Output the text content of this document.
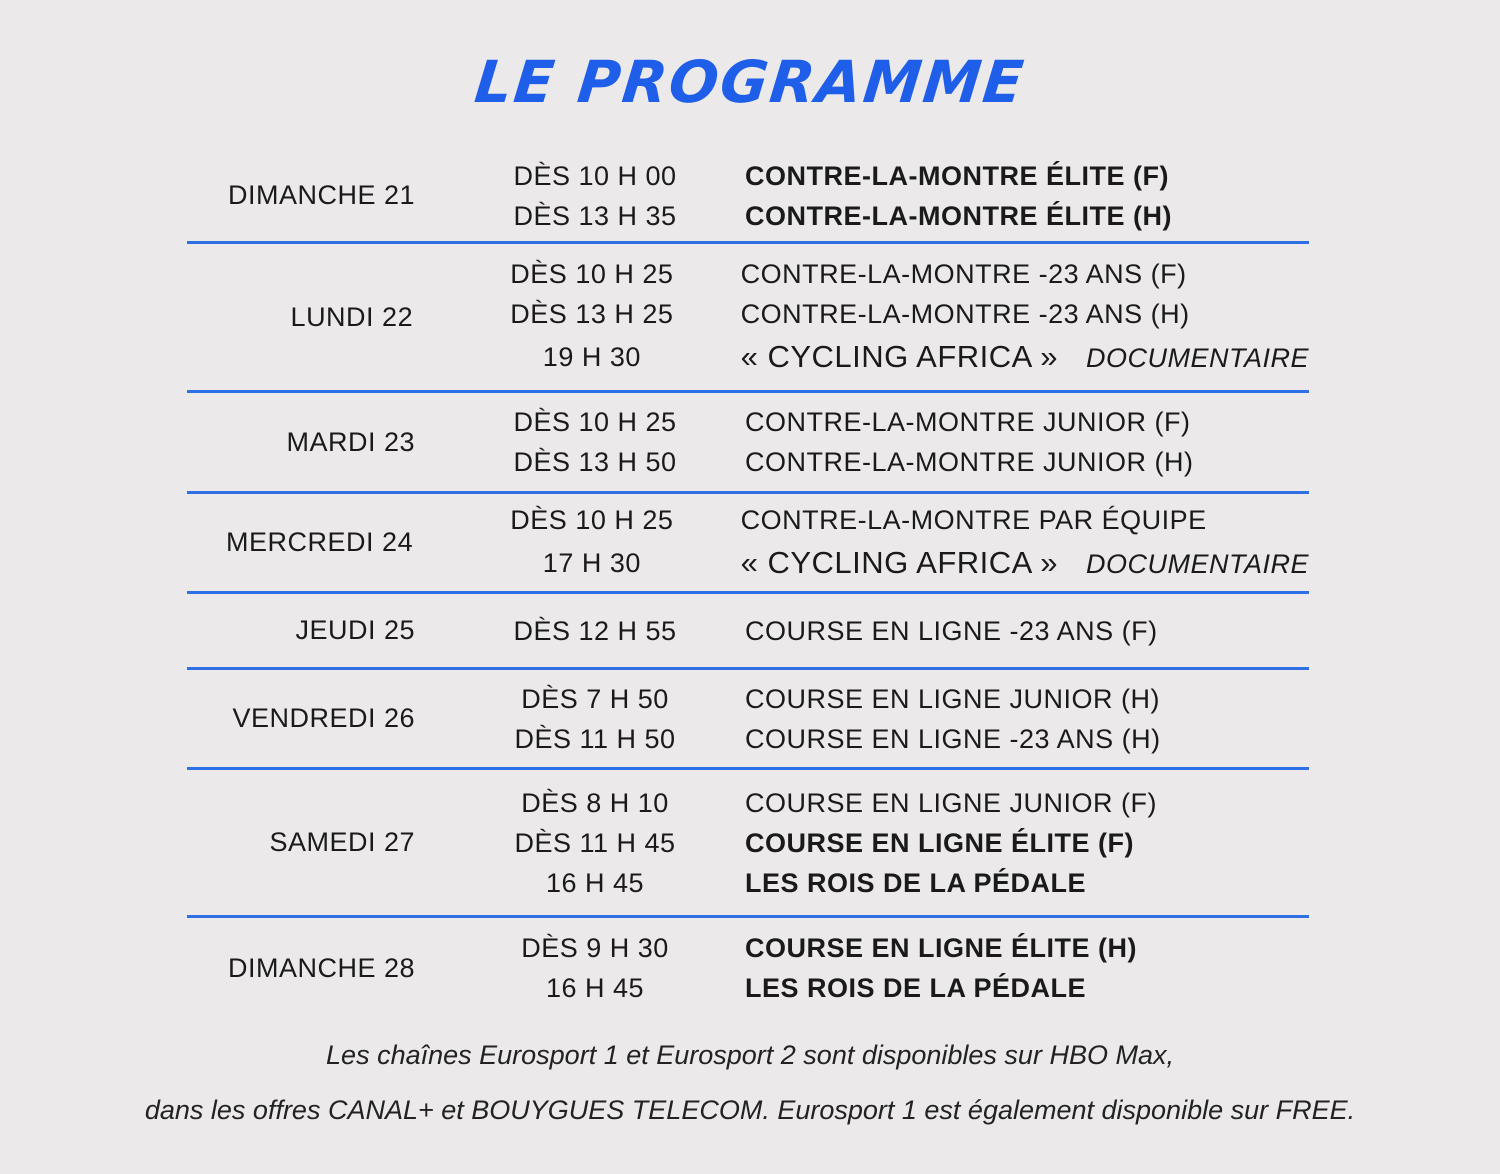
LE PROGRAMME
DIMANCHE 21
DÈS 10 H 00
DÈS 13 H 35
CONTRE-LA-MONTRE ÉLITE (F)
CONTRE-LA-MONTRE ÉLITE (H)
LUNDI 22
DÈS 10 H 25
DÈS 13 H 25
19 H 30
CONTRE-LA-MONTRE -23 ANS (F)
CONTRE-LA-MONTRE -23 ANS (H)
« CYCLING AFRICA » DOCUMENTAIRE
MARDI 23
DÈS 10 H 25
DÈS 13 H 50
CONTRE-LA-MONTRE JUNIOR (F)
CONTRE-LA-MONTRE JUNIOR (H)
MERCREDI 24
DÈS 10 H 25
17 H 30
CONTRE-LA-MONTRE PAR ÉQUIPE
« CYCLING AFRICA » DOCUMENTAIRE
JEUDI 25	DÈS 12 H 55	COURSE EN LIGNE -23 ANS (F)
VENDREDI 26
DÈS 7 H 50
DÈS 11 H 50
COURSE EN LIGNE JUNIOR (H)
COURSE EN LIGNE -23 ANS (H)
SAMEDI 27
DÈS 8 H 10
DÈS 11 H 45
16 H 45
COURSE EN LIGNE JUNIOR (F)
COURSE EN LIGNE ÉLITE (F)
LES ROIS DE LA PÉDALE
DIMANCHE 28
DÈS 9 H 30
16 H 45
COURSE EN LIGNE ÉLITE (H)
LES ROIS DE LA PÉDALE
Les chaînes Eurosport 1 et Eurosport 2 sont disponibles sur HBO Max,
dans les offres CANAL+ et BOUYGUES TELECOM. Eurosport 1 est également disponible sur FREE.
